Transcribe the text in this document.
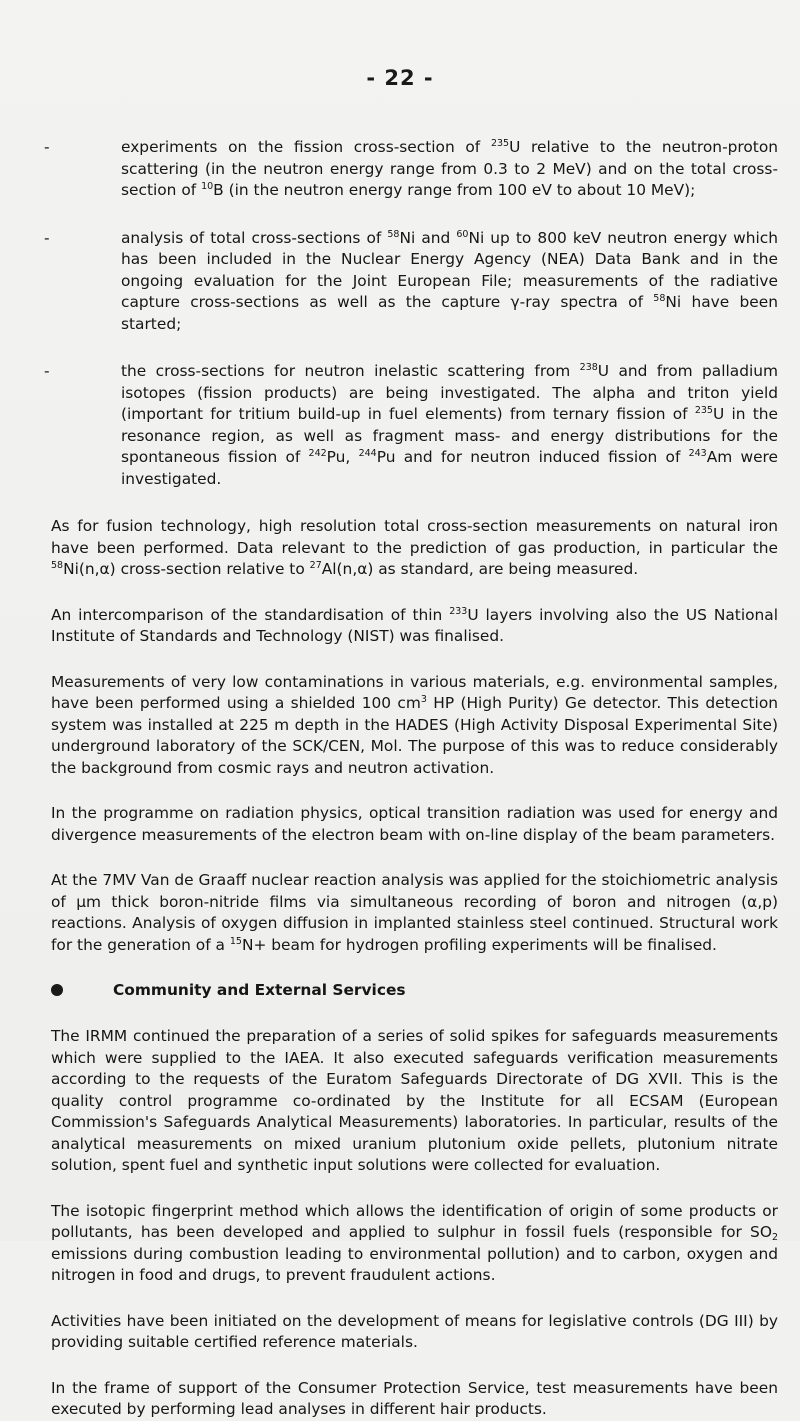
- 22 -
-	experiments on the fission cross-section of $^{235}$U relative to the neutron-proton scattering (in the neutron energy range from 0.3 to 2 MeV) and on the total cross-section of $^{10}$B (in the neutron energy range from 100 eV to about 10 MeV);

-	analysis of total cross-sections of $^{58}$Ni and $^{60}$Ni up to 800 keV neutron energy which has been included in the Nuclear Energy Agency (NEA) Data Bank and in the ongoing evaluation for the Joint European File; measurements of the radiative capture cross-sections as well as the capture γ-ray spectra of $^{58}$Ni have been started;

-	the cross-sections for neutron inelastic scattering from $^{238}$U and from palladium isotopes (fission products) are being investigated. The alpha and triton yield (important for tritium build-up in fuel elements) from ternary fission of $^{235}$U in the resonance region, as well as fragment mass- and energy distributions for the spontaneous fission of $^{242}$Pu, $^{244}$Pu and for neutron induced fission of $^{243}$Am were investigated.

As for fusion technology, high resolution total cross-section measurements on natural iron have been performed. Data relevant to the prediction of gas production, in particular the $^{58}$Ni(n,α) cross-section relative to $^{27}$Al(n,α) as standard, are being measured.

An intercomparison of the standardisation of thin $^{233}$U layers involving also the US National Institute of Standards and Technology (NIST) was finalised.

Measurements of very low contaminations in various materials, e.g. environmental samples, have been performed using a shielded 100 $cm^3$ HP (High Purity) Ge detector. This detection system was installed at 225 m depth in the HADES (High Activity Disposal Experimental Site) underground laboratory of the SCK/CEN, Mol. The purpose of this was to reduce considerably the background from cosmic rays and neutron activation.

In the programme on radiation physics, optical transition radiation was used for energy and divergence measurements of the electron beam with on-line display of the beam parameters.

At the 7MV Van de Graaff nuclear reaction analysis was applied for the stoichiometric analysis of µm thick boron-nitride films via simultaneous recording of boron and nitrogen (α,p) reactions. Analysis of oxygen diffusion in implanted stainless steel continued. Structural work for the generation of a $^{15}$N+ beam for hydrogen profiling experiments will be finalised.

Community and External Services

The IRMM continued the preparation of a series of solid spikes for safeguards measurements which were supplied to the IAEA. It also executed safeguards verification measurements according to the requests of the Euratom Safeguards Directorate of DG XVII. This is the quality control programme co-ordinated by the Institute for all ECSAM (European Commission's Safeguards Analytical Measurements) laboratories. In particular, results of the analytical measurements on mixed uranium plutonium oxide pellets, plutonium nitrate solution, spent fuel and synthetic input solutions were collected for evaluation.

The isotopic fingerprint method which allows the identification of origin of some products or pollutants, has been developed and applied to sulphur in fossil fuels (responsible for $SO_2$ emissions during combustion leading to environmental pollution) and to carbon, oxygen and nitrogen in food and drugs, to prevent fraudulent actions.

Activities have been initiated on the development of means for legislative controls (DG III) by providing suitable certified reference materials.

In the frame of support of the Consumer Protection Service, test measurements have been executed by performing lead analyses in different hair products.
